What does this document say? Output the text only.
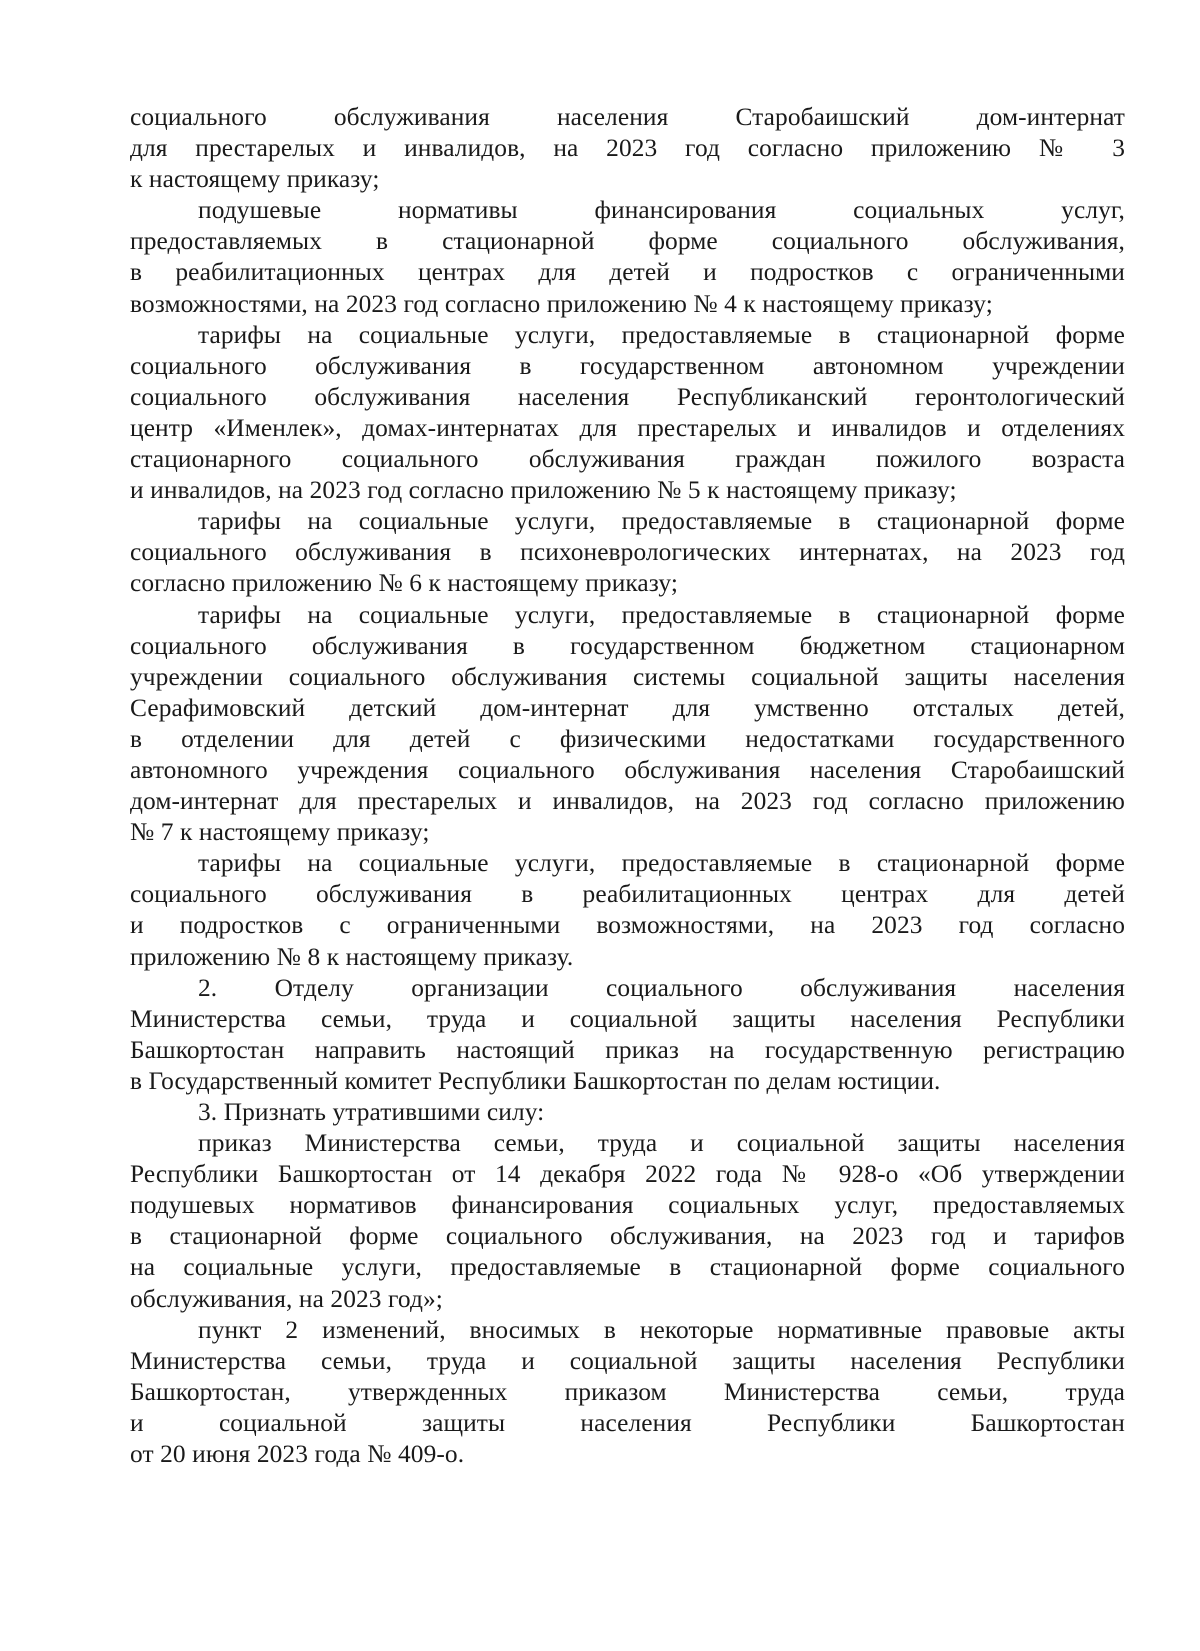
социального обслуживания населения Старобаишский дом-интернат
для престарелых и инвалидов, на 2023 год согласно приложению № 3
к настоящему приказу;
подушевые нормативы финансирования социальных услуг,
предоставляемых в стационарной форме социального обслуживания,
в реабилитационных центрах для детей и подростков с ограниченными
возможностями, на 2023 год согласно приложению № 4 к настоящему приказу;
тарифы на социальные услуги, предоставляемые в стационарной форме
социального обслуживания в государственном автономном учреждении
социального обслуживания населения Республиканский геронтологический
центр «Именлек», домах-интернатах для престарелых и инвалидов и отделениях
стационарного социального обслуживания граждан пожилого возраста
и инвалидов, на 2023 год согласно приложению № 5 к настоящему приказу;
тарифы на социальные услуги, предоставляемые в стационарной форме
социального обслуживания в психоневрологических интернатах, на 2023 год
согласно приложению № 6 к настоящему приказу;
тарифы на социальные услуги, предоставляемые в стационарной форме
социального обслуживания в государственном бюджетном стационарном
учреждении социального обслуживания системы социальной защиты населения
Серафимовский детский дом-интернат для умственно отсталых детей,
в отделении для детей с физическими недостатками государственного
автономного учреждения социального обслуживания населения Старобаишский
дом-интернат для престарелых и инвалидов, на 2023 год согласно приложению
№ 7 к настоящему приказу;
тарифы на социальные услуги, предоставляемые в стационарной форме
социального обслуживания в реабилитационных центрах для детей
и подростков с ограниченными возможностями, на 2023 год согласно
приложению № 8 к настоящему приказу.
2. Отделу организации социального обслуживания населения
Министерства семьи, труда и социальной защиты населения Республики
Башкортостан направить настоящий приказ на государственную регистрацию
в Государственный комитет Республики Башкортостан по делам юстиции.
3. Признать утратившими силу:
приказ Министерства семьи, труда и социальной защиты населения
Республики Башкортостан от 14 декабря 2022 года № 928-о «Об утверждении
подушевых нормативов финансирования социальных услуг, предоставляемых
в стационарной форме социального обслуживания, на 2023 год и тарифов
на социальные услуги, предоставляемые в стационарной форме социального
обслуживания, на 2023 год»;
пункт 2 изменений, вносимых в некоторые нормативные правовые акты
Министерства семьи, труда и социальной защиты населения Республики
Башкортостан, утвержденных приказом Министерства семьи, труда
и социальной защиты населения Республики Башкортостан
от 20 июня 2023 года № 409-о.
